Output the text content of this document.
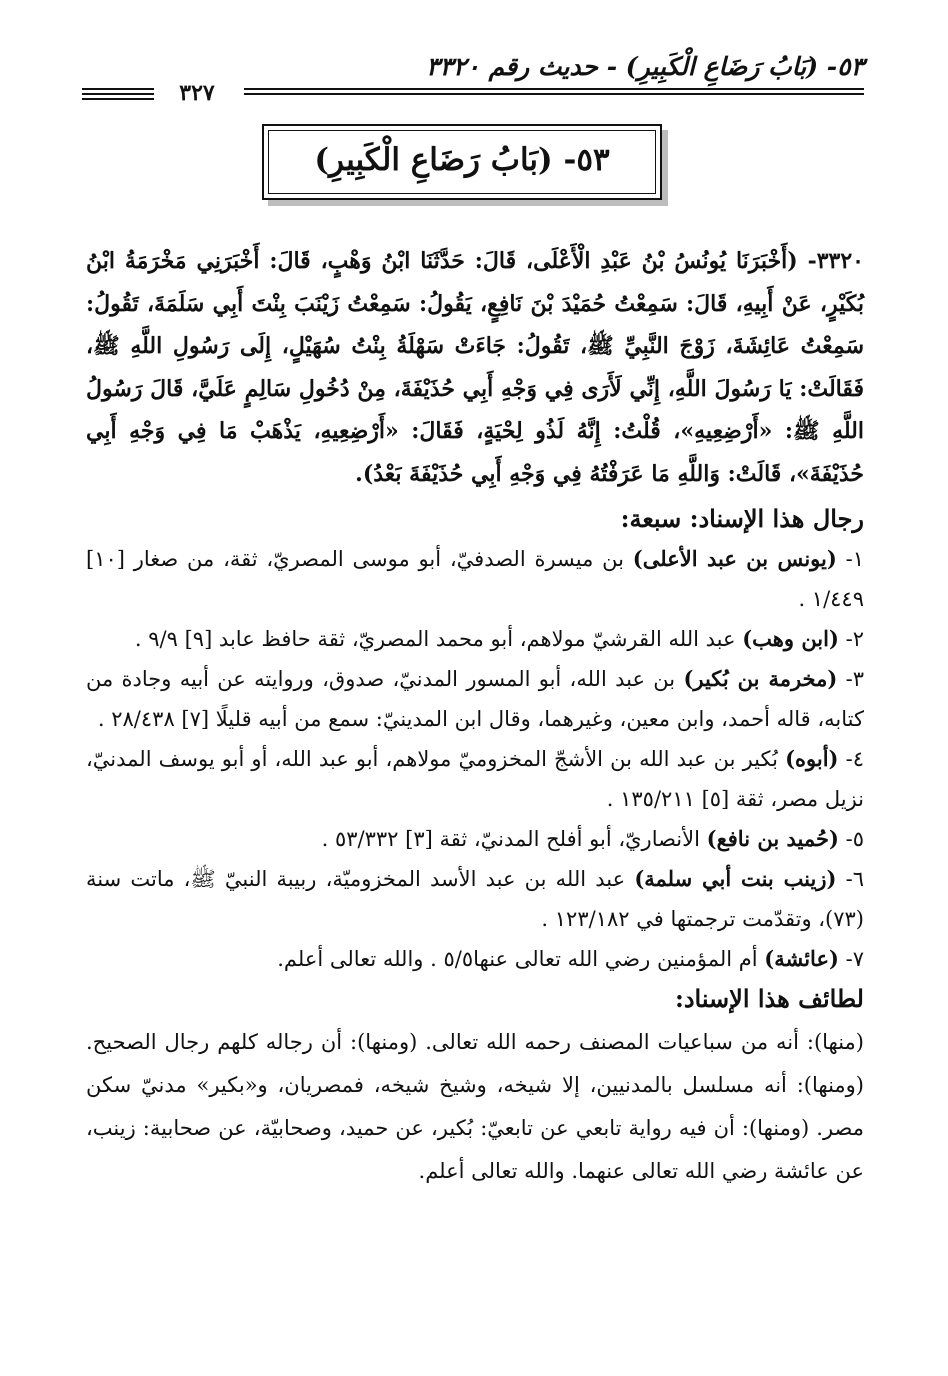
٥٣- (بَابُ رَضَاعِ الْكَبِيرِ) - حديث رقم ٣٣٢٠
٣٢٧
٥٣- (بَابُ رَضَاعِ الْكَبِيرِ)

٣٣٢٠- (أَخْبَرَنَا يُونُسُ بْنُ عَبْدِ الْأَعْلَى، قَالَ: حَدَّثَنَا ابْنُ وَهْبٍ، قَالَ: أَخْبَرَنِي مَخْرَمَةُ ابْنُ بُكَيْرٍ، عَنْ أَبِيهِ، قَالَ: سَمِعْتُ حُمَيْدَ بْنَ نَافِعٍ، يَقُولُ: سَمِعْتُ زَيْنَبَ بِنْتَ أَبِي سَلَمَةَ، تَقُولُ: سَمِعْتُ عَائِشَةَ، زَوْجَ النَّبِيِّ ﷺ، تَقُولُ: جَاءَتْ سَهْلَةُ بِنْتُ سُهَيْلٍ، إِلَى رَسُولِ اللَّهِ ﷺ، فَقَالَتْ: يَا رَسُولَ اللَّهِ، إِنِّي لَأَرَى فِي وَجْهِ أَبِي حُذَيْفَةَ، مِنْ دُخُولِ سَالِمٍ عَلَيَّ، قَالَ رَسُولُ اللَّهِ ﷺ: «أَرْضِعِيهِ»، قُلْتُ: إِنَّهُ لَذُو لِحْيَةٍ، فَقَالَ: «أَرْضِعِيهِ، يَذْهَبْ مَا فِي وَجْهِ أَبِي حُذَيْفَةَ»، قَالَتْ: وَاللَّهِ مَا عَرَفْتُهُ فِي وَجْهِ أَبِي حُذَيْفَةَ بَعْدُ).

رجال هذا الإسناد: سبعة:
١- (يونس بن عبد الأعلى) بن ميسرة الصدفيّ، أبو موسى المصريّ، ثقة، من صغار [١٠] ١/٤٤٩ .
٢- (ابن وهب) عبد الله القرشيّ مولاهم، أبو محمد المصريّ، ثقة حافظ عابد [٩] ٩/٩ .
٣- (مخرمة بن بُكير) بن عبد الله، أبو المسور المدنيّ، صدوق، وروايته عن أبيه وجادة من كتابه، قاله أحمد، وابن معين، وغيرهما، وقال ابن المدينيّ: سمع من أبيه قليلًا [٧] ٢٨/٤٣٨ .
٤- (أبوه) بُكير بن عبد الله بن الأشجّ المخزوميّ مولاهم، أبو عبد الله، أو أبو يوسف المدنيّ، نزيل مصر، ثقة [٥] ١٣٥/٢١١ .
٥- (حُميد بن نافع) الأنصاريّ، أبو أفلح المدنيّ، ثقة [٣] ٥٣/٣٣٢ .
٦- (زينب بنت أبي سلمة) عبد الله بن عبد الأسد المخزوميّة، ربيبة النبيّ ﷺ، ماتت سنة (٧٣)، وتقدّمت ترجمتها في ١٢٣/١٨٢ .
٧- (عائشة) أم المؤمنين رضي الله تعالى عنها٥/٥ . والله تعالى أعلم.
لطائف هذا الإسناد:

(منها): أنه من سباعيات المصنف رحمه الله تعالى. (ومنها): أن رجاله كلهم رجال الصحيح. (ومنها): أنه مسلسل بالمدنيين، إلا شيخه، وشيخ شيخه، فمصريان، و«بكير» مدنيّ سكن مصر. (ومنها): أن فيه رواية تابعي عن تابعيّ: بُكير، عن حميد، وصحابيّة، عن صحابية: زينب، عن عائشة رضي الله تعالى عنهما. والله تعالى أعلم.
